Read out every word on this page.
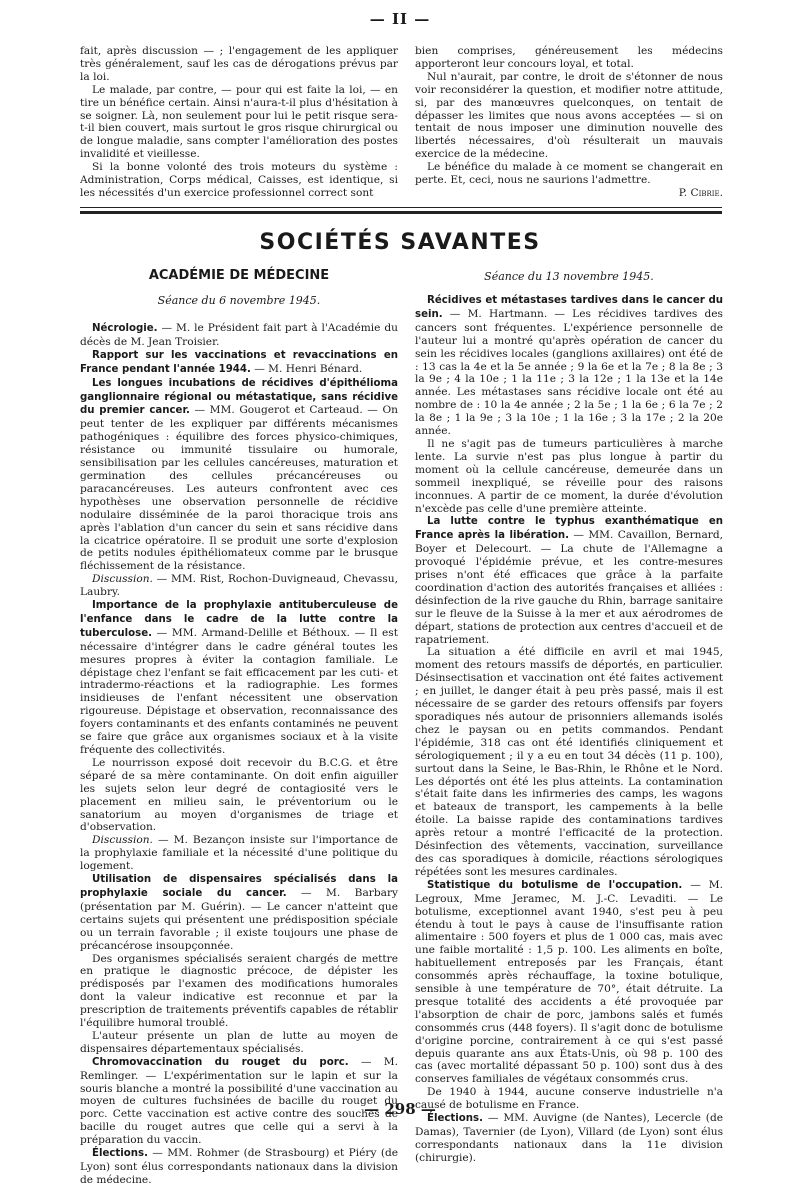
— II —

fait, après discussion — ; l'engagement de les appliquer très généralement, sauf les cas de dérogations prévus par la loi.

Le malade, par contre, — pour qui est faite la loi, — en tire un bénéfice certain. Ainsi n'aura-t-il plus d'hésitation à se soigner. Là, non seulement pour lui le petit risque sera-t-il bien couvert, mais surtout le gros risque chirurgical ou de longue maladie, sans compter l'amélioration des postes invalidité et vieillesse.

Si la bonne volonté des trois moteurs du système : Administration, Corps médical, Caisses, est identique, si les nécessités d'un exercice professionnel correct sont

bien comprises, généreusement les médecins apporteront leur concours loyal, et total.

Nul n'aurait, par contre, le droit de s'étonner de nous voir reconsidérer la question, et modifier notre attitude, si, par des manœuvres quelconques, on tentait de dépasser les limites que nous avons acceptées — si on tentait de nous imposer une diminution nouvelle des libertés nécessaires, d'où résulterait un mauvais exercice de la médecine.

Le bénéfice du malade à ce moment se changerait en perte. Et, ceci, nous ne saurions l'admettre.

P. Cibrie.

SOCIÉTÉS SAVANTES
ACADÉMIE DE MÉDECINE	Séance du 13 novembre 1945.
Séance du 6 novembre 1945.

Nécrologie. — M. le Président fait part à l'Académie du décès de M. Jean Troisier.

Rapport sur les vaccinations et revaccinations en France pendant l'année 1944. — M. Henri Bénard.

Les longues incubations de récidives d'épithélioma ganglionnaire régional ou métastatique, sans récidive du premier cancer. — MM. Gougerot et Carteaud. — On peut tenter de les expliquer par différents mécanismes pathogéniques : équilibre des forces physico-chimiques, résistance ou immunité tissulaire ou humorale, sensibilisation par les cellules cancéreuses, maturation et germination des cellules précancéreuses ou paracancéreuses. Les auteurs confrontent avec ces hypothèses une observation personnelle de récidive nodulaire disséminée de la paroi thoracique trois ans après l'ablation d'un cancer du sein et sans récidive dans la cicatrice opératoire. Il se produit une sorte d'explosion de petits nodules épithéliomateux comme par le brusque fléchissement de la résistance.

Discussion. — MM. Rist, Rochon-Duvigneaud, Chevassu, Laubry.

Importance de la prophylaxie antituberculeuse de l'enfance dans le cadre de la lutte contre la tuberculose. — MM. Armand-Delille et Béthoux. — Il est nécessaire d'intégrer dans le cadre général toutes les mesures propres à éviter la contagion familiale. Le dépistage chez l'enfant se fait efficacement par les cuti- et intradermo-réactions et la radiographie. Les formes insidieuses de l'enfant nécessitent une observation rigoureuse. Dépistage et observation, reconnaissance des foyers contaminants et des enfants contaminés ne peuvent se faire que grâce aux organismes sociaux et à la visite fréquente des collectivités.

Le nourrisson exposé doit recevoir du B.C.G. et être séparé de sa mère contaminante. On doit enfin aiguiller les sujets selon leur degré de contagiosité vers le placement en milieu sain, le préventorium ou le sanatorium au moyen d'organismes de triage et d'observation.

Discussion. — M. Bezançon insiste sur l'importance de la prophylaxie familiale et la nécessité d'une politique du logement.

Utilisation de dispensaires spécialisés dans la prophylaxie sociale du cancer. — M. Barbary (présentation par M. Guérin). — Le cancer n'atteint que certains sujets qui présentent une prédisposition spéciale ou un terrain favorable ; il existe toujours une phase de précancérose insoupçonnée.

Des organismes spécialisés seraient chargés de mettre en pratique le diagnostic précoce, de dépister les prédisposés par l'examen des modifications humorales dont la valeur indicative est reconnue et par la prescription de traitements préventifs capables de rétablir l'équilibre humoral troublé.

L'auteur présente un plan de lutte au moyen de dispensaires départementaux spécialisés.

Chromovaccination du rouget du porc. — M. Remlinger. — L'expérimentation sur le lapin et sur la souris blanche a montré la possibilité d'une vaccination au moyen de cultures fuchsinées de bacille du rouget du porc. Cette vaccination est active contre des souches de bacille du rouget autres que celle qui a servi à la préparation du vaccin.

Élections. — MM. Rohmer (de Strasbourg) et Piéry (de Lyon) sont élus correspondants nationaux dans la division de médecine.

Récidives et métastases tardives dans le cancer du sein. — M. Hartmann. — Les récidives tardives des cancers sont fréquentes. L'expérience personnelle de l'auteur lui a montré qu'après opération de cancer du sein les récidives locales (ganglions axillaires) ont été de : 13 cas la 4e et la 5e année ; 9 la 6e et la 7e ; 8 la 8e ; 3 la 9e ; 4 la 10e ; 1 la 11e ; 3 la 12e ; 1 la 13e et la 14e année. Les métastases sans récidive locale ont été au nombre de : 10 la 4e année ; 2 la 5e ; 1 la 6e ; 6 la 7e ; 2 la 8e ; 1 la 9e ; 3 la 10e ; 1 la 16e ; 3 la 17e ; 2 la 20e année.

Il ne s'agit pas de tumeurs particulières à marche lente. La survie n'est pas plus longue à partir du moment où la cellule cancéreuse, demeurée dans un sommeil inexpliqué, se réveille pour des raisons inconnues. A partir de ce moment, la durée d'évolution n'excède pas celle d'une première atteinte.

La lutte contre le typhus exanthématique en France après la libération. — MM. Cavaillon, Bernard, Boyer et Delecourt. — La chute de l'Allemagne a provoqué l'épidémie prévue, et les contre-mesures prises n'ont été efficaces que grâce à la parfaite coordination d'action des autorités françaises et alliées : désinfection de la rive gauche du Rhin, barrage sanitaire sur le fleuve de la Suisse à la mer et aux aérodromes de départ, stations de protection aux centres d'accueil et de rapatriement.

La situation a été difficile en avril et mai 1945, moment des retours massifs de déportés, en particulier. Désinsectisation et vaccination ont été faites activement ; en juillet, le danger était à peu près passé, mais il est nécessaire de se garder des retours offensifs par foyers sporadiques nés autour de prisonniers allemands isolés chez le paysan ou en petits commandos. Pendant l'épidémie, 318 cas ont été identifiés cliniquement et sérologiquement ; il y a eu en tout 34 décès (11 p. 100), surtout dans la Seine, le Bas-Rhin, le Rhône et le Nord. Les déportés ont été les plus atteints. La contamination s'était faite dans les infirmeries des camps, les wagons et bateaux de transport, les campements à la belle étoile. La baisse rapide des contaminations tardives après retour a montré l'efficacité de la protection. Désinfection des vêtements, vaccination, surveillance des cas sporadiques à domicile, réactions sérologiques répétées sont les mesures cardinales.

Statistique du botulisme de l'occupation. — M. Legroux, Mme Jeramec, M. J.-C. Levaditi. — Le botulisme, exceptionnel avant 1940, s'est peu à peu étendu à tout le pays à cause de l'insuffisante ration alimentaire : 500 foyers et plus de 1 000 cas, mais avec une faible mortalité : 1,5 p. 100. Les aliments en boîte, habituellement entreposés par les Français, étant consommés après réchauffage, la toxine botulique, sensible à une température de 70°, était détruite. La presque totalité des accidents a été provoquée par l'absorption de chair de porc, jambons salés et fumés consommés crus (448 foyers). Il s'agit donc de botulisme d'origine porcine, contrairement à ce qui s'est passé depuis quarante ans aux États-Unis, où 98 p. 100 des cas (avec mortalité dépassant 50 p. 100) sont dus à des conserves familiales de végétaux consommés crus.

De 1940 à 1944, aucune conserve industrielle n'a causé de botulisme en France.

Élections. — MM. Auvigne (de Nantes), Lecercle (de Damas), Tavernier (de Lyon), Villard (de Lyon) sont élus correspondants nationaux dans la 11e division (chirurgie).

— 298 —
